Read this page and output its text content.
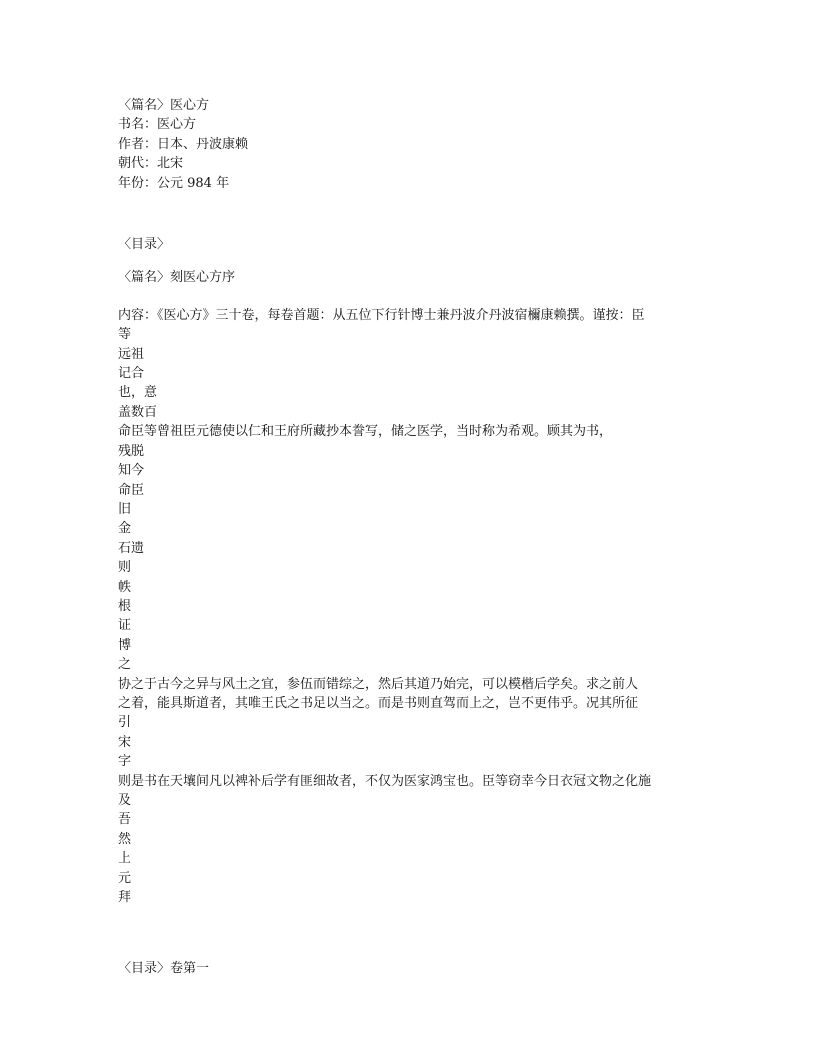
〈篇名〉医心方
书名：医心方
作者：日本、丹波康赖
朝代：北宋
年份：公元 984 年
〈目录〉
〈篇名〉刻医心方序
内容：《医心方》三十卷，每卷首题：从五位下行针博士兼丹波介丹波宿檷康赖撰。谨按：臣
等
远祖
记合
也，意
盖数百
命臣等曾祖臣元德使以仁和王府所藏抄本誊写，储之医学，当时称为希观。顾其为书，
残脱
知今
命臣
旧
金
石遗
则
帙
根
证
博
之
协之于古今之异与风土之宜，参伍而错综之，然后其道乃始完，可以模楷后学矣。求之前人
之着，能具斯道者，其唯王氏之书足以当之。而是书则直驾而上之，岂不更伟乎。况其所征
引
宋
字
则是书在天壤间凡以裨补后学有匪细故者，不仅为医家鸿宝也。臣等窃幸今日衣冠文物之化施
及
吾
然
上
元
拜
〈目录〉卷第一
